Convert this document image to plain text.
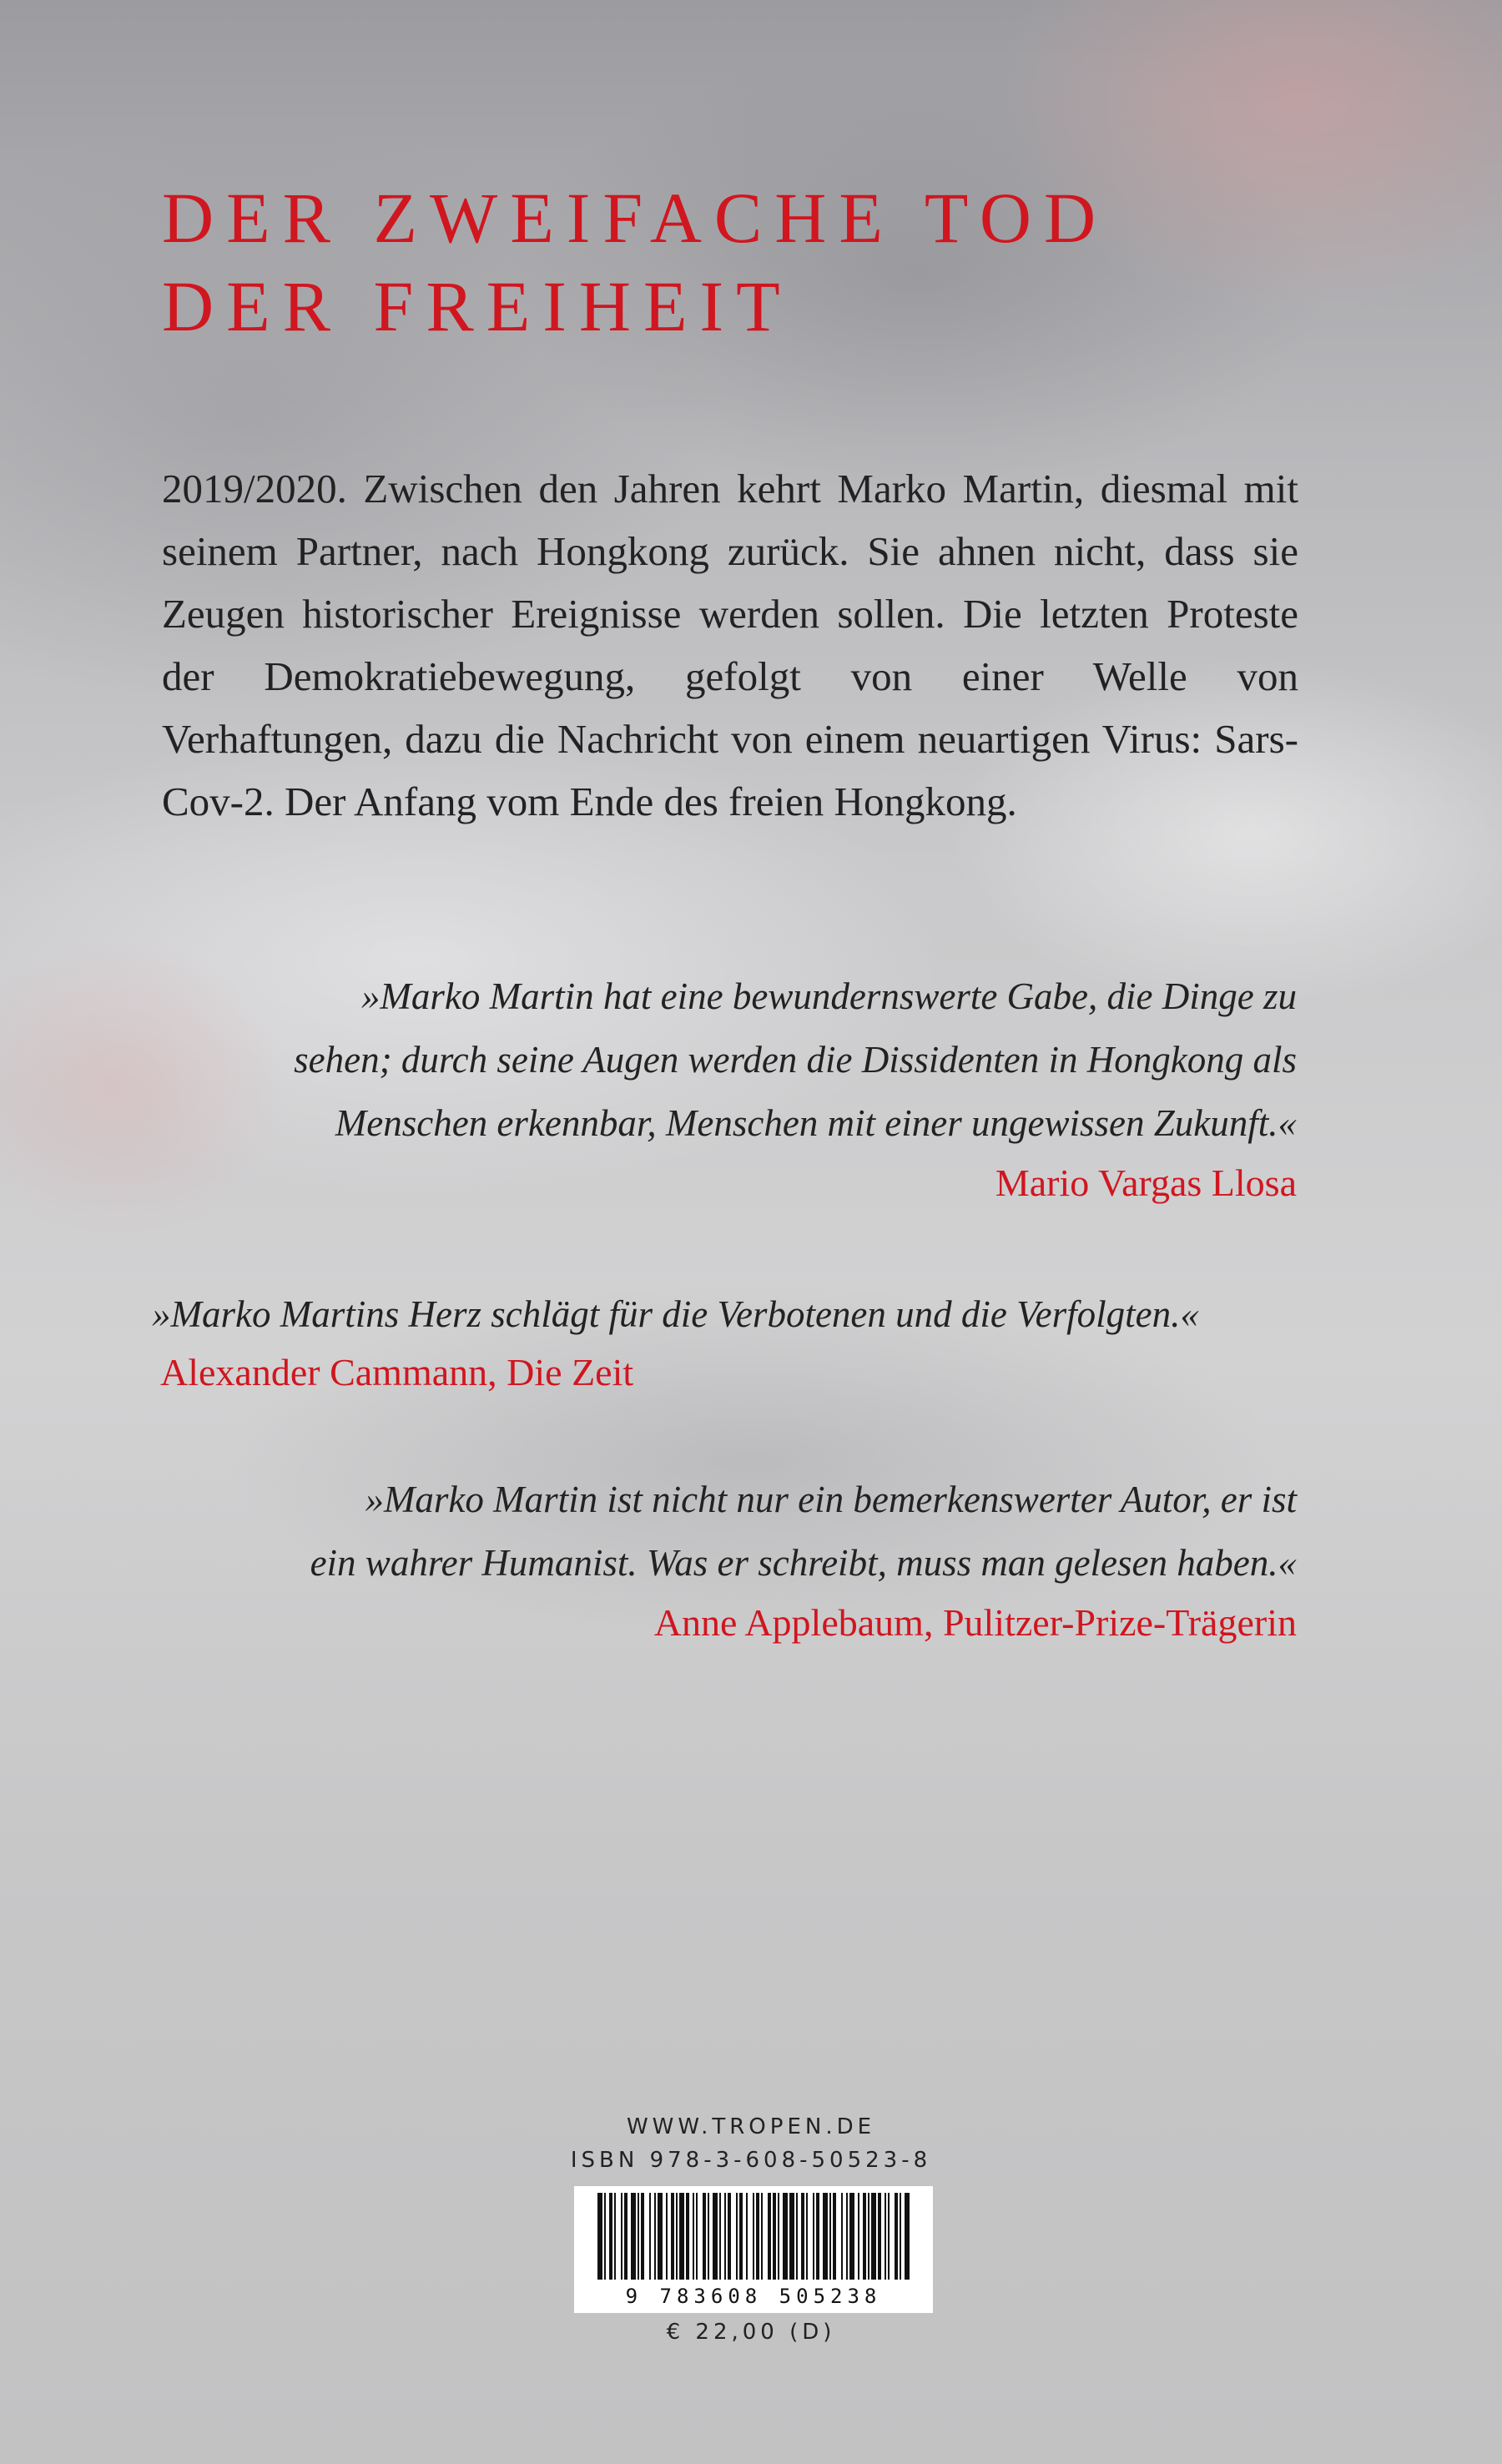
DER ZWEIFACHE TOD
DER FREIHEIT

2019/2020. Zwischen den Jahren kehrt Marko Martin, diesmal mit seinem Partner, nach Hongkong zurück. Sie ahnen nicht, dass sie Zeugen historischer Ereignisse werden sollen. Die letzten Proteste der Demokratiebewegung, gefolgt von einer Welle von Verhaftungen, dazu die Nachricht von einem neuartigen Virus: Sars-Cov-2. Der Anfang vom Ende des freien Hongkong.

»Marko Martin hat eine bewundernswerte Gabe, die Dinge zu
sehen; durch seine Augen werden die Dissidenten in Hongkong als
Menschen erkennbar, Menschen mit einer ungewissen Zukunft.«
Mario Vargas Llosa
»Marko Martins Herz schlägt für die Verbotenen und die Verfolgten.«
Alexander Cammann, Die Zeit
»Marko Martin ist nicht nur ein bemerkenswerter Autor, er ist
ein wahrer Humanist. Was er schreibt, muss man gelesen haben.«
Anne Applebaum, Pulitzer-Prize-Trägerin
WWW.TROPEN.DE
ISBN 978-3-608-50523-8
9 783608 505238
€ 22,00 (D)
